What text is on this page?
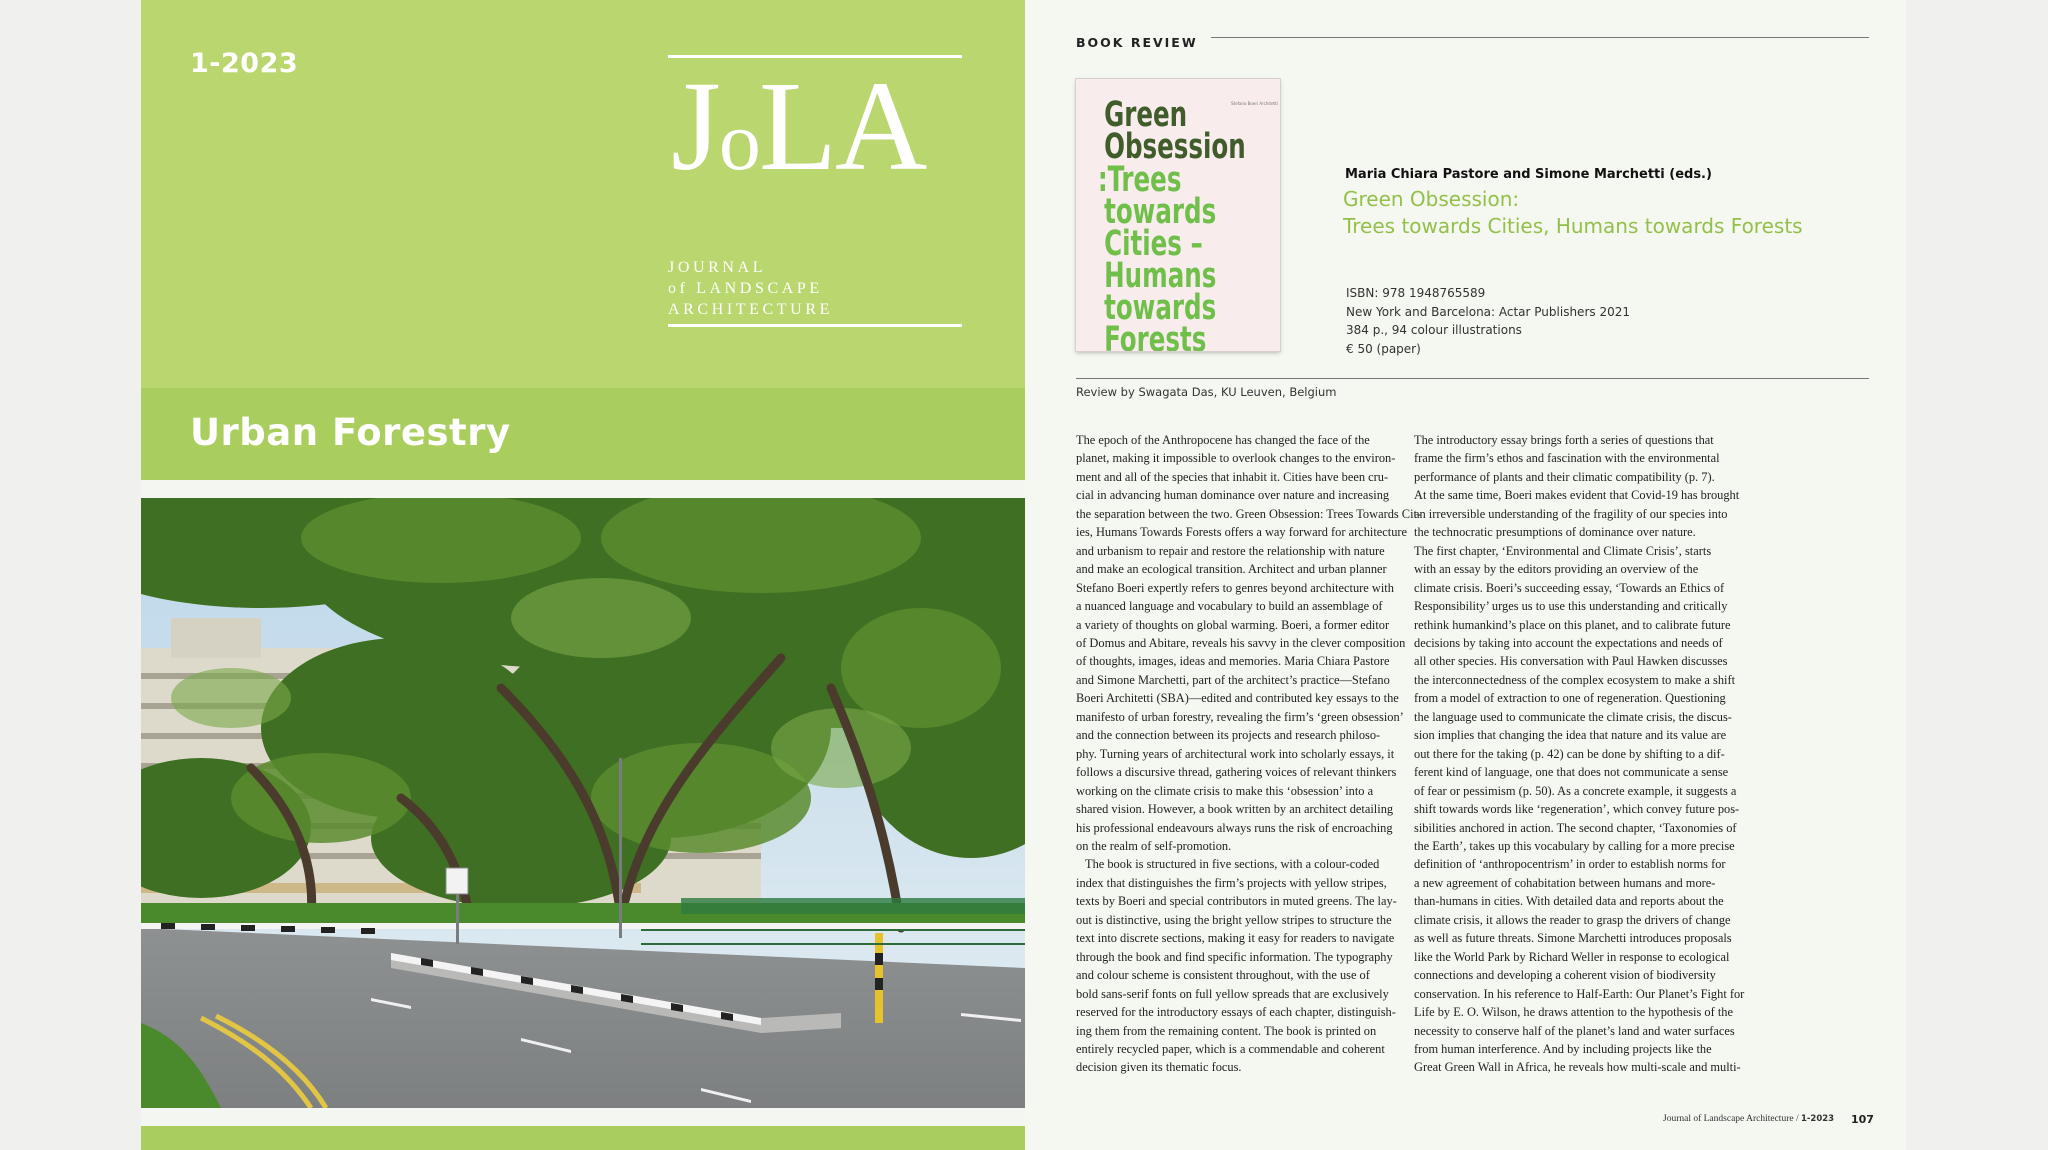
1-2023	JoLA
JOURNAL
of LANDSCAPE
ARCHITECTURE
Urban Forestry
BOOK REVIEW
Stefano Boeri Architetti
Green
Obsession
:Trees
towards
Cities –
Humans
towards
Forests
Maria Chiara Pastore and Simone Marchetti (eds.)
Green Obsession:
Trees towards Cities, Humans towards Forests
ISBN: 978 1948765589
New York and Barcelona: Actar Publishers 2021
384 p., 94 colour illustrations
€ 50 (paper)
Review by Swagata Das, KU Leuven, Belgium
The epoch of the Anthropocene has changed the face of the
planet, making it impossible to overlook changes to the environ-
ment and all of the species that inhabit it. Cities have been cru-
cial in advancing human dominance over nature and increasing
the separation between the two. Green Obsession: Trees Towards Cit-
ies, Humans Towards Forests offers a way forward for architecture
and urbanism to repair and restore the relationship with nature
and make an ecological transition. Architect and urban planner
Stefano Boeri expertly refers to genres beyond architecture with
a nuanced language and vocabulary to build an assemblage of
a variety of thoughts on global warming. Boeri, a former editor
of Domus and Abitare, reveals his savvy in the clever composition
of thoughts, images, ideas and memories. Maria Chiara Pastore
and Simone Marchetti, part of the architect’s practice—Stefano
Boeri Architetti (SBA)—edited and contributed key essays to the
manifesto of urban forestry, revealing the firm’s ‘green obsession’
and the connection between its projects and research philoso-
phy. Turning years of architectural work into scholarly essays, it
follows a discursive thread, gathering voices of relevant thinkers
working on the climate crisis to make this ‘obsession’ into a
shared vision. However, a book written by an architect detailing
his professional endeavours always runs the risk of encroaching
on the realm of self-promotion.
The book is structured in five sections, with a colour-coded
index that distinguishes the firm’s projects with yellow stripes,
texts by Boeri and special contributors in muted greens. The lay-
out is distinctive, using the bright yellow stripes to structure the
text into discrete sections, making it easy for readers to navigate
through the book and find specific information. The typography
and colour scheme is consistent throughout, with the use of
bold sans-serif fonts on full yellow spreads that are exclusively
reserved for the introductory essays of each chapter, distinguish-
ing them from the remaining content. The book is printed on
entirely recycled paper, which is a commendable and coherent
decision given its thematic focus.
The introductory essay brings forth a series of questions that
frame the firm’s ethos and fascination with the environmental
performance of plants and their climatic compatibility (p. 7).
At the same time, Boeri makes evident that Covid-19 has brought
an irreversible understanding of the fragility of our species into
the technocratic presumptions of dominance over nature.
The first chapter, ‘Environmental and Climate Crisis’, starts
with an essay by the editors providing an overview of the
climate crisis. Boeri’s succeeding essay, ‘Towards an Ethics of
Responsibility’ urges us to use this understanding and critically
rethink humankind’s place on this planet, and to calibrate future
decisions by taking into account the expectations and needs of
all other species. His conversation with Paul Hawken discusses
the interconnectedness of the complex ecosystem to make a shift
from a model of extraction to one of regeneration. Questioning
the language used to communicate the climate crisis, the discus-
sion implies that changing the idea that nature and its value are
out there for the taking (p. 42) can be done by shifting to a dif-
ferent kind of language, one that does not communicate a sense
of fear or pessimism (p. 50). As a concrete example, it suggests a
shift towards words like ‘regeneration’, which convey future pos-
sibilities anchored in action. The second chapter, ‘Taxonomies of
the Earth’, takes up this vocabulary by calling for a more precise
definition of ‘anthropocentrism’ in order to establish norms for
a new agreement of cohabitation between humans and more-
than-humans in cities. With detailed data and reports about the
climate crisis, it allows the reader to grasp the drivers of change
as well as future threats. Simone Marchetti introduces proposals
like the World Park by Richard Weller in response to ecological
connections and developing a coherent vision of biodiversity
conservation. In his reference to Half-Earth: Our Planet’s Fight for
Life by E. O. Wilson, he draws attention to the hypothesis of the
necessity to conserve half of the planet’s land and water surfaces
from human interference. And by including projects like the
Great Green Wall in Africa, he reveals how multi-scale and multi-
Journal of Landscape Architecture / 1-2023 107
